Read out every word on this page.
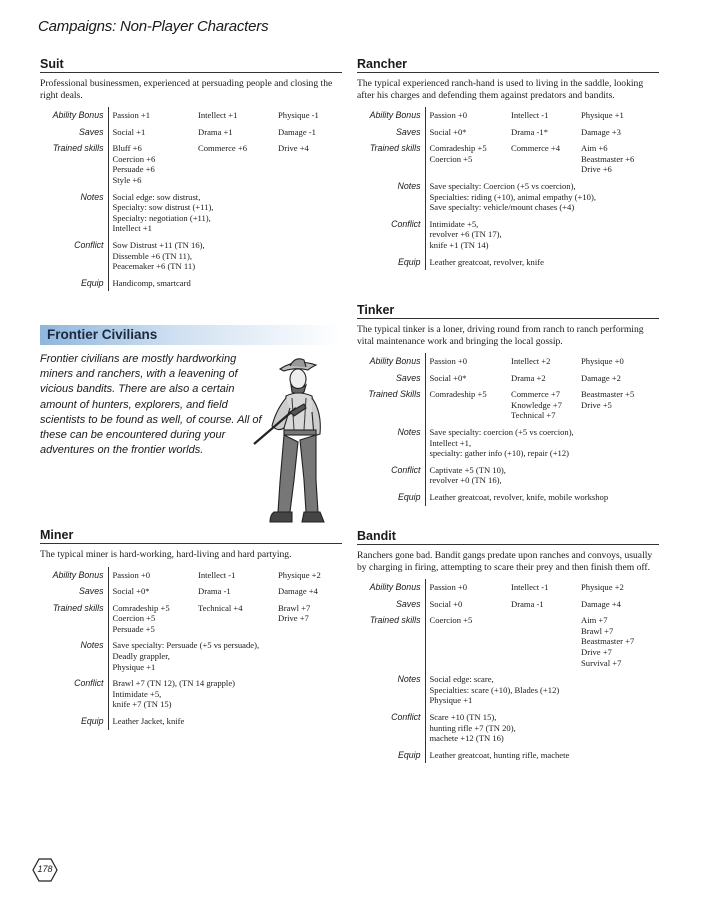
Campaigns: Non-Player Characters
Suit

Professional businessmen, experienced at persuading people and closing the right deals.

Ability Bonus	Passion +1	Intellect +1	Physique -1
Saves	Social +1	Drama +1	Damage -1
Trained skills	Bluff +6
Coercion +6
Persuade +6
Style +6	Commerce +6	Drive +4

Notes	Social edge: sow distrust,
Specialty: sow distrust (+11),
Specialty: negotiation (+11),
Intellect +1		

Conflict	Sow Distrust +11 (TN 16),
Dissemble +6 (TN 11),
Peacemaker +6 (TN 11)		

Equip	Handicomp, smartcard		
Frontier Civilians
Frontier civilians are mostly hardworking miners and ranchers, with a leavening of vicious bandits. There are also a certain amount of hunters, explorers, and field scientists to be found as well, of course. All of these can be encountered during your adventures on the frontier worlds.
Miner

The typical miner is hard-working, hard-living and hard partying.

Ability Bonus	Passion +0	Intellect -1	Physique +2
Saves	Social +0*	Drama -1	Damage +4
Trained skills	Comradeship +5
Coercion +5
Persuade +5	Technical +4	Brawl +7
Drive +7

Notes	Save specialty: Persuade (+5 vs persuade),
Deadly grappler,
Physique +1		

Conflict	Brawl +7 (TN 12), (TN 14 grapple)
Intimidate +5,
knife +7 (TN 15)		

Equip	Leather Jacket, knife		
Rancher

The typical experienced ranch-hand is used to living in the saddle, looking after his charges and defending them against predators and bandits.

Ability Bonus	Passion +0	Intellect -1	Physique +1
Saves	Social +0*	Drama -1*	Damage +3
Trained skills	Comradeship +5
Coercion +5	Commerce +4	Aim +6
Beastmaster +6
Drive +6

Notes	Save specialty: Coercion (+5 vs coercion),
Specialties: riding (+10), animal empathy (+10),
Save specialty: vehicle/mount chases (+4)		

Conflict	Intimidate +5,
revolver +6 (TN 17),
knife +1 (TN 14)		

Equip	Leather greatcoat, revolver, knife		
Tinker

The typical tinker is a loner, driving round from ranch to ranch performing vital maintenance work and bringing the local gossip.

Ability Bonus	Passion +0	Intellect +2	Physique +0
Saves	Social +0*	Drama +2	Damage +2
Trained Skills	Comradeship +5	Commerce +7
Knowledge +7
Technical +7	Beastmaster +5
Drive +5

Notes	Save specialty: coercion (+5 vs coercion),
Intellect +1,
specialty: gather info (+10), repair (+12)		

Conflict	Captivate +5 (TN 10),
revolver +0 (TN 16),		

Equip	Leather greatcoat, revolver, knife, mobile workshop		
Bandit

Ranchers gone bad. Bandit gangs predate upon ranches and convoys, usually by charging in firing, attempting to scare their prey and then finish them off.

Ability Bonus	Passion +0	Intellect -1	Physique +2
Saves	Social +0	Drama -1	Damage +4
Trained skills	Coercion +5		Aim +7
Brawl +7
Beastmaster +7
Drive +7
Survival +7

Notes	Social edge: scare,
Specialties: scare (+10), Blades (+12)
Physique +1		

Conflict	Scare +10 (TN 15),
hunting rifle +7 (TN 20),
machete +12 (TN 16)		

Equip	Leather greatcoat, hunting rifle, machete		
178
